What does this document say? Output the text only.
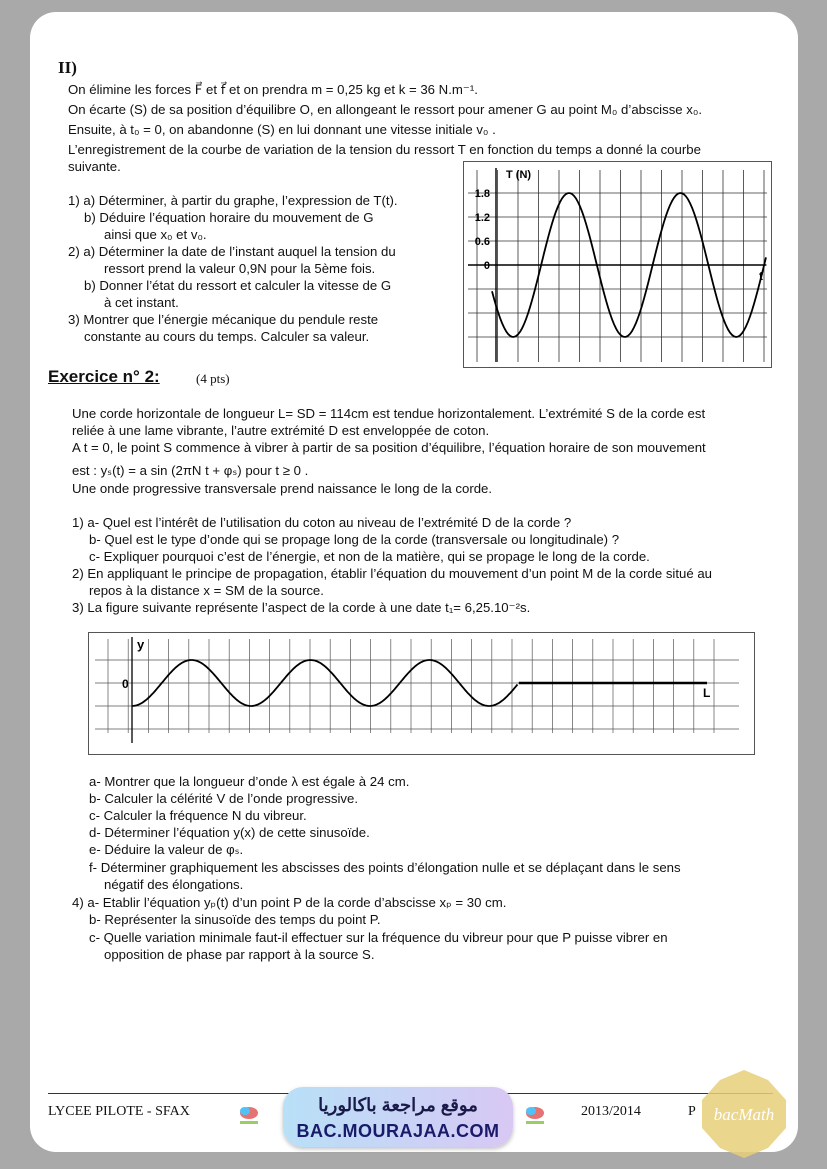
II)
On élimine les forces F⃗ et f⃗ et on prendra m = 0,25 kg et k = 36 N.m⁻¹.
On écarte (S) de sa position d’équilibre O, en allongeant le ressort pour amener G au point M₀ d’abscisse x₀.
Ensuite, à t₀ = 0, on abandonne (S) en lui donnant une vitesse initiale v₀ .
L’enregistrement de la courbe de variation de la tension du ressort T en fonction du temps a donné la courbe
suivante.
1) a) Déterminer, à partir du graphe, l’expression de T(t).
b) Déduire l’équation horaire du mouvement de G
ainsi que x₀ et v₀.
2) a) Déterminer la date de l’instant auquel la tension du
ressort prend la valeur 0,9N pour la 5ème fois.
b) Donner l’état du ressort et calculer la vitesse de G
à cet instant.
3) Montrer que l’énergie mécanique du pendule reste
constante au cours du temps. Calculer sa valeur.
1.8
1.2
0.6
0
T (N)
t
Exercice n° 2:	(4 pts)
Une corde horizontale de longueur L= SD = 114cm est tendue horizontalement. L’extrémité S de la corde est
reliée à une lame vibrante, l’autre extrémité D est enveloppée de coton.
A t = 0, le point S commence à vibrer à partir de sa position d’équilibre, l’équation horaire de son mouvement
est : yₛ(t) = a sin (2πN t + φₛ) pour t ≥ 0 .
Une onde progressive transversale prend naissance le long de la corde.
1) a- Quel est l’intérêt de l’utilisation du coton au niveau de l’extrémité D de la corde ?
b- Quel est le type d’onde qui se propage long de la corde (transversale ou longitudinale) ?
c- Expliquer pourquoi c’est de l’énergie, et non de la matière, qui se propage le long de la corde.
2) En appliquant le principe de propagation, établir l’équation du mouvement d’un point M de la corde situé au
repos à la distance x = SM de la source.
3) La figure suivante représente l’aspect de la corde à une date t₁= 6,25.10⁻²s.
y
0
L
a- Montrer que la longueur d’onde λ est égale à 24 cm.
b- Calculer la célérité V de l’onde progressive.
c- Calculer la fréquence N du vibreur.
d- Déterminer l’équation y(x) de cette sinusoïde.
e- Déduire la valeur de φₛ.
f- Déterminer graphiquement les abscisses des points d’élongation nulle et se déplaçant dans le sens
négatif des élongations.
4) a- Etablir l’équation yₚ(t) d’un point P de la corde d’abscisse xₚ = 30 cm.
b- Représenter la sinusoïde des temps du point P.
c- Quelle variation minimale faut-il effectuer sur la fréquence du vibreur pour que P puisse vibrer en
opposition de phase par rapport à la source S.
LYCEE PILOTE - SFAX	2013/2014	P
موقع مراجعة باكالوريا
BAC.MOURAJAA.COM
bacMath
